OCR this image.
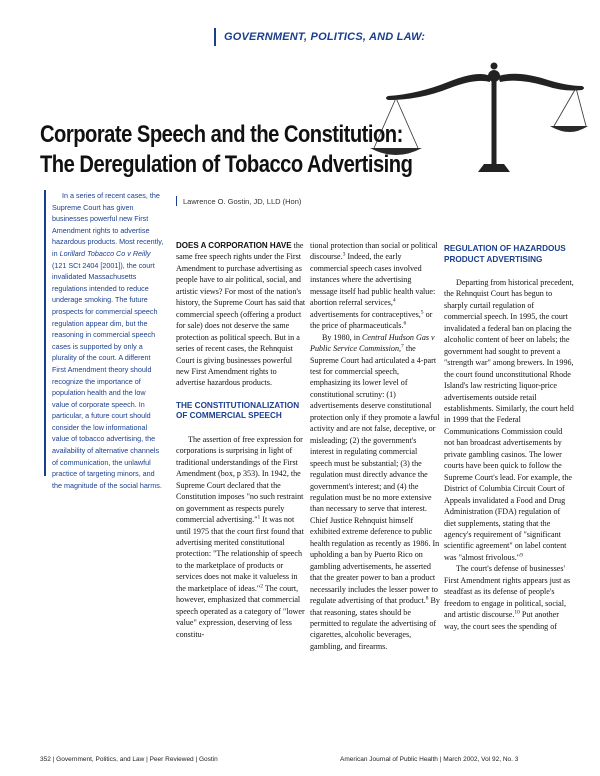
GOVERNMENT, POLITICS, AND LAW:
Corporate Speech and the Constitution:
The Deregulation of Tobacco Advertising

In a series of recent cases, the Supreme Court has given businesses powerful new First Amendment rights to advertise hazardous products. Most recently, in Lorillard Tobacco Co v Reilly (121 SCt 2404 [2001]), the court invalidated Massachusetts regulations intended to reduce underage smoking. The future prospects for commercial speech regulation appear dim, but the reasoning in commercial speech cases is supported by only a plurality of the court. A different First Amendment theory should recognize the importance of population health and the low value of corporate speech. In particular, a future court should consider the low informational value of tobacco advertising, the availability of alternative channels of communication, the unlawful practice of targeting minors, and the magnitude of the social harms.

Lawrence O. Gostin, JD, LLD (Hon)

DOES A CORPORATION HAVE the same free speech rights under the First Amendment to purchase advertising as people have to air political, social, and artistic views? For most of the nation's history, the Supreme Court has said that commercial speech (offering a product for sale) does not deserve the same protection as political speech. But in a series of recent cases, the Rehnquist Court is giving businesses powerful new First Amendment rights to advertise hazardous products.

THE CONSTITUTIONALIZATION OF COMMERCIAL SPEECH

The assertion of free expression for corporations is surprising in light of traditional understandings of the First Amendment (box, p 353). In 1942, the Supreme Court declared that the Constitution imposes "no such restraint on government as respects purely commercial advertising."$^1$ It was not until 1975 that the court first found that advertising merited constitutional protection: "The relationship of speech to the marketplace of products or services does not make it valueless in the marketplace of ideas."$^2$ The court, however, emphasized that commercial speech operated as a category of "lower value" expression, deserving of less constitu-

tional protection than social or political discourse.$^3$ Indeed, the early commercial speech cases involved instances where the advertising message itself had public health value: abortion referral services,$^4$ advertisements for contraceptives,$^5$ or the price of pharmaceuticals.$^6$

By 1980, in Central Hudson Gas v Public Service Commission,$^7$ the Supreme Court had articulated a 4-part test for commercial speech, emphasizing its lower level of constitutional scrutiny: (1) advertisements deserve constitutional protection only if they promote a lawful activity and are not false, deceptive, or misleading; (2) the government's interest in regulating commercial speech must be substantial; (3) the regulation must directly advance the government's interest; and (4) the regulation must be no more extensive than necessary to serve that interest. Chief Justice Rehnquist himself exhibited extreme deference to public health regulation as recently as 1986. In upholding a ban by Puerto Rico on gambling advertisements, he asserted that the greater power to ban a product necessarily includes the lesser power to regulate advertising of that product.$^8$ By that reasoning, states should be permitted to regulate the advertising of cigarettes, alcoholic beverages, gambling, and firearms.

REGULATION OF HAZARDOUS PRODUCT ADVERTISING

Departing from historical precedent, the Rehnquist Court has begun to sharply curtail regulation of commercial speech. In 1995, the court invalidated a federal ban on placing the alcoholic content of beer on labels; the government had sought to prevent a "strength war" among brewers. In 1996, the court found unconstitutional Rhode Island's law restricting liquor-price advertisements outside retail establishments. Similarly, the court held in 1999 that the Federal Communications Commission could not ban broadcast advertisements by private gambling casinos. The lower courts have been quick to follow the Supreme Court's lead. For example, the District of Columbia Circuit Court of Appeals invalidated a Food and Drug Administration (FDA) regulation of diet supplements, stating that the agency's requirement of "significant scientific agreement" on label content was "almost frivolous."$^9$

The court's defense of businesses' First Amendment rights appears just as steadfast as its defense of people's freedom to engage in political, social, and artistic discourse.$^{10}$ Put another way, the court sees the spending of

352 | Government, Politics, and Law | Peer Reviewed | Gostin	American Journal of Public Health | March 2002, Vol 92, No. 3
